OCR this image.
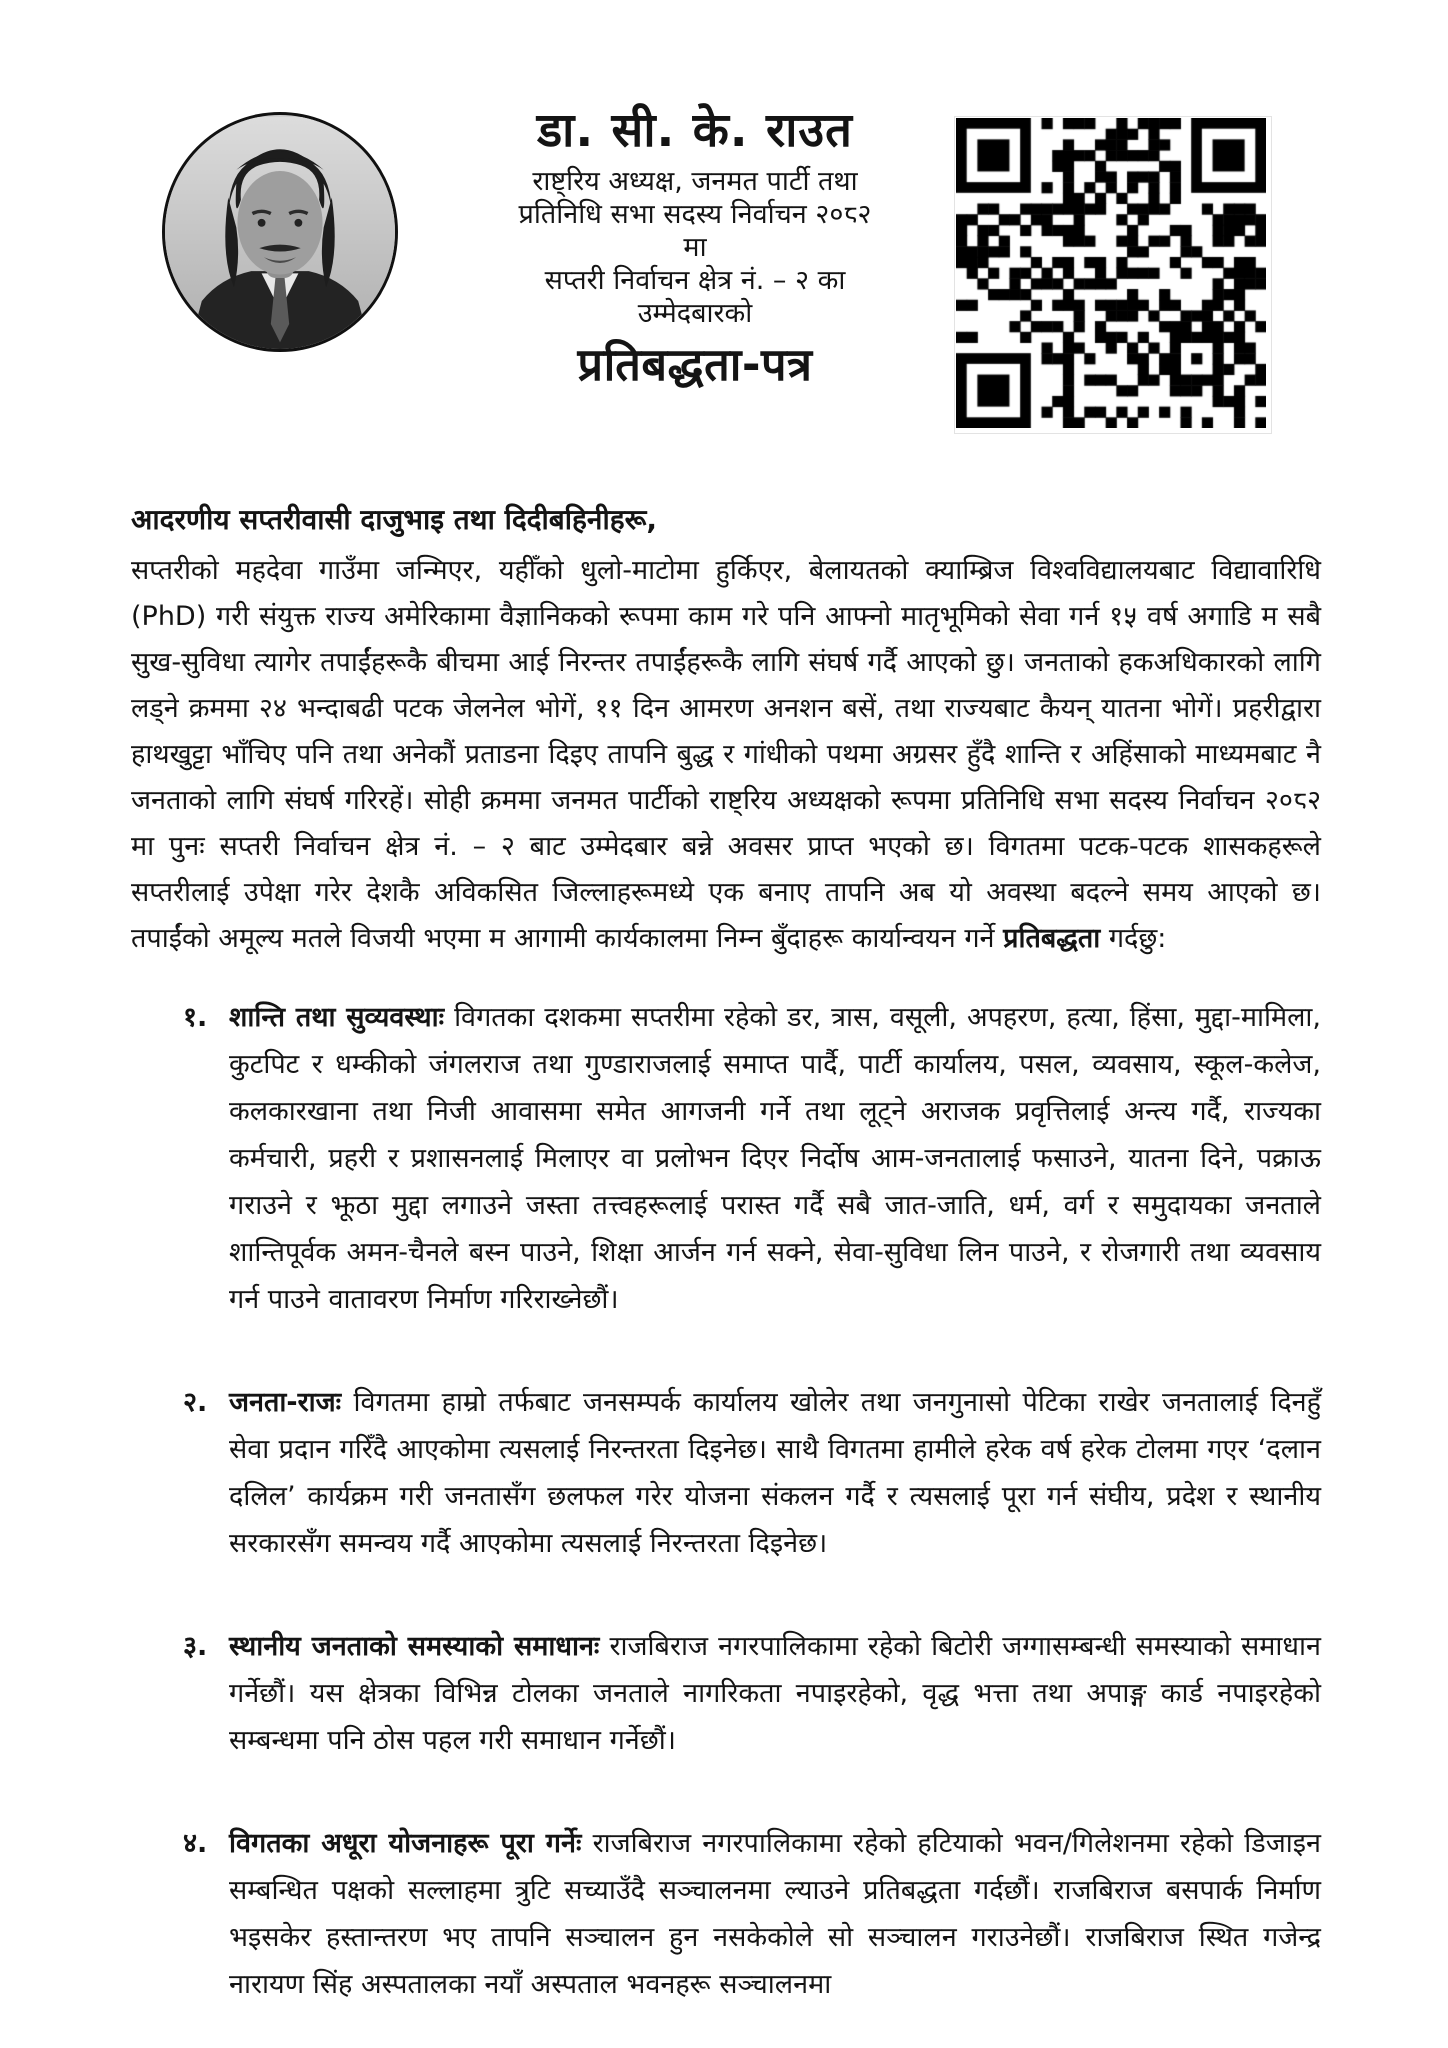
डा. सी. के. राउत
राष्ट्रिय अध्यक्ष, जनमत पार्टी तथा
प्रतिनिधि सभा सदस्य निर्वाचन २०८२
मा
सप्तरी निर्वाचन क्षेत्र नं. – २ का
उम्मेदबारको
प्रतिबद्धता-पत्र

आदरणीय सप्तरीवासी दाजुभाइ तथा दिदीबहिनीहरू,

सप्तरीको महदेवा गाउँमा जन्मिएर, यहीँको धुलो-माटोमा हुर्किएर, बेलायतको क्याम्ब्रिज विश्वविद्यालयबाट विद्यावारिधि (PhD) गरी संयुक्त राज्य अमेरिकामा वैज्ञानिकको रूपमा काम गरे पनि आफ्नो मातृभूमिको सेवा गर्न १५ वर्ष अगाडि म सबै सुख-सुविधा त्यागेर तपाईंहरूकै बीचमा आई निरन्तर तपाईंहरूकै लागि संघर्ष गर्दै आएको छु। जनताको हकअधिकारको लागि लड्ने क्रममा २४ भन्दाबढी पटक जेलनेल भोगें, ११ दिन आमरण अनशन बसें, तथा राज्यबाट कैयन् यातना भोगें। प्रहरीद्वारा हाथखुट्टा भाँचिए पनि तथा अनेकौं प्रताडना दिइए तापनि बुद्ध र गांधीको पथमा अग्रसर हुँदै शान्ति र अहिंसाको माध्यमबाट नै जनताको लागि संघर्ष गरिरहें। सोही क्रममा जनमत पार्टीको राष्ट्रिय अध्यक्षको रूपमा प्रतिनिधि सभा सदस्य निर्वाचन २०८२ मा पुनः सप्तरी निर्वाचन क्षेत्र नं. – २ बाट उम्मेदबार बन्ने अवसर प्राप्त भएको छ। विगतमा पटक-पटक शासकहरूले सप्तरीलाई उपेक्षा गरेर देशकै अविकसित जिल्लाहरूमध्ये एक बनाए तापनि अब यो अवस्था बदल्ने समय आएको छ। तपाईंको अमूल्य मतले विजयी भएमा म आगामी कार्यकालमा निम्न बुँदाहरू कार्यान्वयन गर्ने प्रतिबद्धता गर्दछु:

१. शान्ति तथा सुव्यवस्थाः विगतका दशकमा सप्तरीमा रहेको डर, त्रास, वसूली, अपहरण, हत्या, हिंसा, मुद्दा-मामिला, कुटपिट र धम्कीको जंगलराज तथा गुण्डाराजलाई समाप्त पार्दै, पार्टी कार्यालय, पसल, व्यवसाय, स्कूल-कलेज, कलकारखाना तथा निजी आवासमा समेत आगजनी गर्ने तथा लूट्ने अराजक प्रवृत्तिलाई अन्त्य गर्दै, राज्यका कर्मचारी, प्रहरी र प्रशासनलाई मिलाएर वा प्रलोभन दिएर निर्दोष आम-जनतालाई फसाउने, यातना दिने, पक्राऊ गराउने र झूठा मुद्दा लगाउने जस्ता तत्त्वहरूलाई परास्त गर्दै सबै जात-जाति, धर्म, वर्ग र समुदायका जनताले शान्तिपूर्वक अमन-चैनले बस्न पाउने, शिक्षा आर्जन गर्न सक्ने, सेवा-सुविधा लिन पाउने, र रोजगारी तथा व्यवसाय गर्न पाउने वातावरण निर्माण गरिराख्नेछौं।
२. जनता-राजः विगतमा हाम्रो तर्फबाट जनसम्पर्क कार्यालय खोलेर तथा जनगुनासो पेटिका राखेर जनतालाई दिनहुँ सेवा प्रदान गरिँदै आएकोमा त्यसलाई निरन्तरता दिइनेछ। साथै विगतमा हामीले हरेक वर्ष हरेक टोलमा गएर ‘दलान दलिल’ कार्यक्रम गरी जनतासँग छलफल गरेर योजना संकलन गर्दै र त्यसलाई पूरा गर्न संघीय, प्रदेश र स्थानीय सरकारसँग समन्वय गर्दै आएकोमा त्यसलाई निरन्तरता दिइनेछ।
३. स्थानीय जनताको समस्याको समाधानः राजबिराज नगरपालिकामा रहेको बिटोरी जग्गासम्बन्धी समस्याको समाधान गर्नेछौं। यस क्षेत्रका विभिन्न टोलका जनताले नागरिकता नपाइरहेको, वृद्ध भत्ता तथा अपाङ्ग कार्ड नपाइरहेको सम्बन्धमा पनि ठोस पहल गरी समाधान गर्नेछौं।
४. विगतका अधूरा योजनाहरू पूरा गर्नेः राजबिराज नगरपालिकामा रहेको हटियाको भवन/गिलेशनमा रहेको डिजाइन सम्बन्धित पक्षको सल्लाहमा त्रुटि सच्याउँदै सञ्चालनमा ल्याउने प्रतिबद्धता गर्दछौं। राजबिराज बसपार्क निर्माण भइसकेर हस्तान्तरण भए तापनि सञ्चालन हुन नसकेकोले सो सञ्चालन गराउनेछौं। राजबिराज स्थित गजेन्द्र नारायण सिंह अस्पतालका नयाँ अस्पताल भवनहरू सञ्चालनमा
